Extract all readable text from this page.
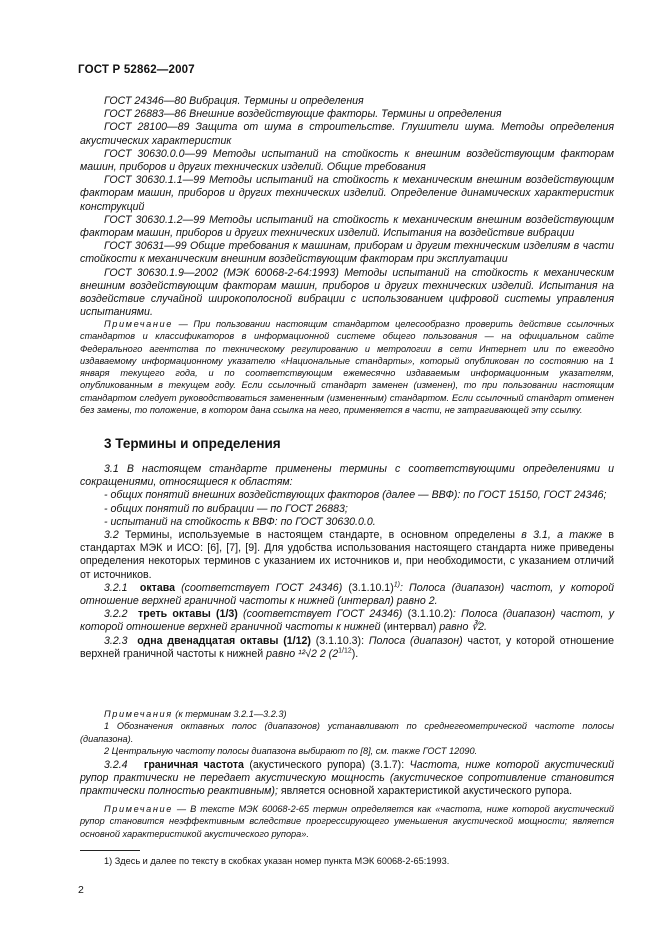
ГОСТ Р 52862—2007

ГОСТ 24346—80 Вибрация. Термины и определения

ГОСТ 26883—86 Внешние воздействующие факторы. Термины и определения

ГОСТ 28100—89 Защита от шума в строительстве. Глушители шума. Методы определения акустических характеристик

ГОСТ 30630.0.0—99 Методы испытаний на стойкость к внешним воздействующим факторам машин, приборов и других технических изделий. Общие требования

ГОСТ 30630.1.1—99 Методы испытаний на стойкость к механическим внешним воздействующим факторам машин, приборов и других технических изделий. Определение динамических характеристик конструкций

ГОСТ 30630.1.2—99 Методы испытаний на стойкость к механическим внешним воздействующим факторам машин, приборов и других технических изделий. Испытания на воздействие вибрации

ГОСТ 30631—99 Общие требования к машинам, приборам и другим техническим изделиям в части стойкости к механическим внешним воздействующим факторам при эксплуатации

ГОСТ 30630.1.9—2002 (МЭК 60068-2-64:1993) Методы испытаний на стойкость к механическим внешним воздействующим факторам машин, приборов и других технических изделий. Испытания на воздействие случайной широкополосной вибрации с использованием цифровой системы управления испытаниями.

Примечание — При пользовании настоящим стандартом целесообразно проверить действие ссылочных стандартов и классификаторов в информационной системе общего пользования — на официальном сайте Федерального агентства по техническому регулированию и метрологии в сети Интернет или по ежегодно издаваемому информационному указателю «Национальные стандарты», который опубликован по состоянию на 1 января текущего года, и по соответствующим ежемесячно издаваемым информационным указателям, опубликованным в текущем году. Если ссылочный стандарт заменен (изменен), то при пользовании настоящим стандартом следует руководствоваться замененным (измененным) стандартом. Если ссылочный стандарт отменен без замены, то положение, в котором дана ссылка на него, применяется в части, не затрагивающей эту ссылку.

3 Термины и определения

3.1 В настоящем стандарте применены термины с соответствующими определениями и сокращениями, относящиеся к областям:

- общих понятий внешних воздействующих факторов (далее — ВВФ): по ГОСТ 15150, ГОСТ 24346;

- общих понятий по вибрации — по ГОСТ 26883;

- испытаний на стойкость к ВВФ: по ГОСТ 30630.0.0.

3.2 Термины, используемые в настоящем стандарте, в основном определены в 3.1, а также в стандартах МЭК и ИСО: [6], [7], [9]. Для удобства использования настоящего стандарта ниже приведены определения некоторых терминов с указанием их источников и, при необходимости, с указанием отличий от источников.

3.2.1 октава (соответствует ГОСТ 24346) $(3.1.10.1)^{1)}$: Полоса (диапазон) частот, у которой отношение верхней граничной частоты к нижней (интервал) равно 2.

3.2.2 треть октавы (1/3) (соответствует ГОСТ 24346) (3.1.10.2): Полоса (диапазон) частот, у которой отношение верхней граничной частоты к нижней (интервал) равно ∛2.

3.2.3 одна двенадцатая октавы (1/12) (3.1.10.3): Полоса (диапазон) частот, у которой отношение верхней граничной частоты к нижней равно ¹²√2 2 $(2^{1/12})$.

Примечания (к терминам 3.2.1—3.2.3)

1 Обозначения октавных полос (диапазонов) устанавливают по среднегеометрической частоте полосы (диапазона).

2 Центральную частоту полосы диапазона выбирают по [8], см. также ГОСТ 12090.

3.2.4 граничная частота (акустического рупора) (3.1.7): Частота, ниже которой акустический рупор практически не передает акустическую мощность (акустическое сопротивление становится практически полностью реактивным); является основной характеристикой акустического рупора.

Примечание — В тексте МЭК 60068-2-65 термин определяется как «частота, ниже которой акустический рупор становится неэффективным вследствие прогрессирующего уменьшения акустической мощности; является основной характеристикой акустического рупора».

1) Здесь и далее по тексту в скобках указан номер пункта МЭК 60068-2-65:1993.
2
